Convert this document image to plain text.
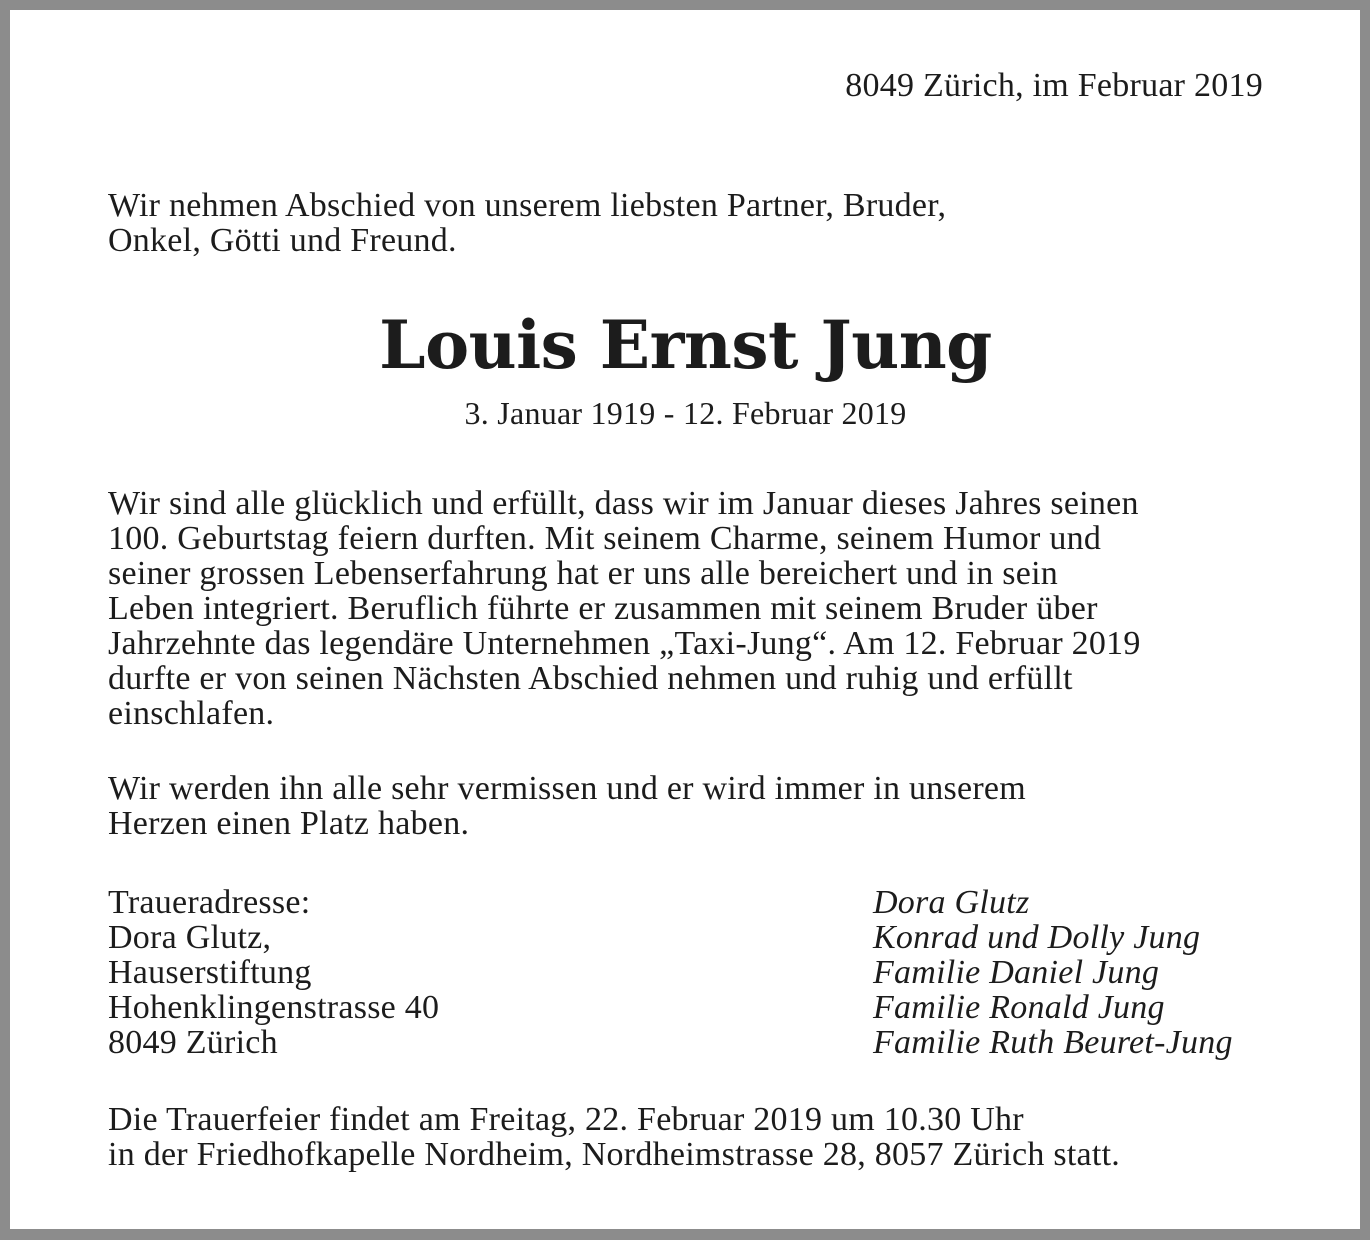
8049 Zürich, im Februar 2019
Wir nehmen Abschied von unserem liebsten Partner, Bruder,
Onkel, Götti und Freund.
Louis Ernst Jung
3. Januar 1919 - 12. Februar 2019
Wir sind alle glücklich und erfüllt, dass wir im Januar dieses Jahres seinen
100. Geburtstag feiern durften. Mit seinem Charme, seinem Humor und
seiner grossen Lebenserfahrung hat er uns alle bereichert und in sein
Leben integriert. Beruflich führte er zusammen mit seinem Bruder über
Jahrzehnte das legendäre Unternehmen „Taxi-Jung“. Am 12. Februar 2019
durfte er von seinen Nächsten Abschied nehmen und ruhig und erfüllt
einschlafen.
Wir werden ihn alle sehr vermissen und er wird immer in unserem
Herzen einen Platz haben.
Traueradresse:
Dora Glutz,
Hauserstiftung
Hohenklingenstrasse 40
8049 Zürich
Dora Glutz
Konrad und Dolly Jung
Familie Daniel Jung
Familie Ronald Jung
Familie Ruth Beuret-Jung
Die Trauerfeier findet am Freitag, 22. Februar 2019 um 10.30 Uhr
in der Friedhofkapelle Nordheim, Nordheimstrasse 28, 8057 Zürich statt.
